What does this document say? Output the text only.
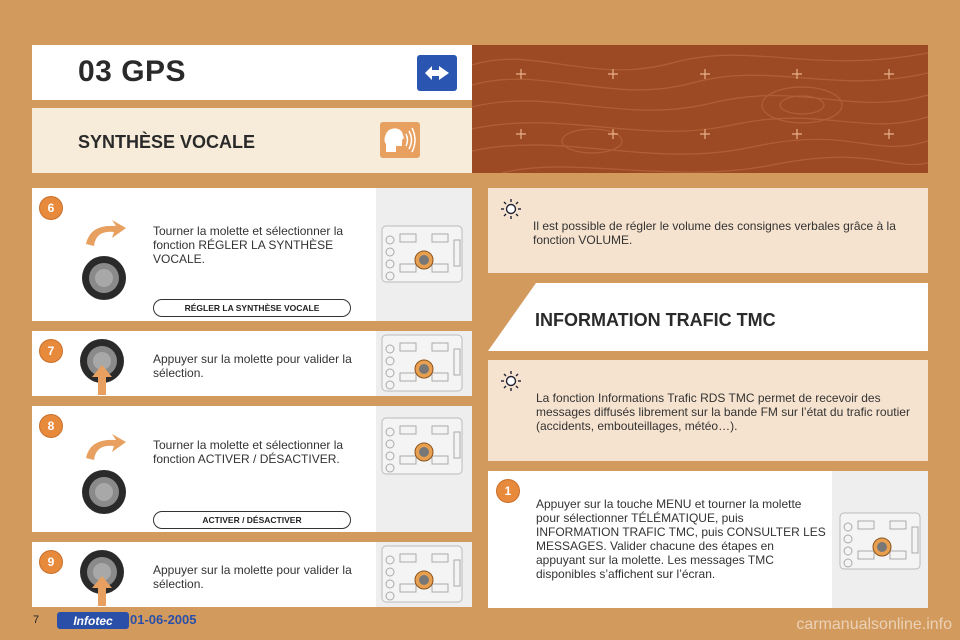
03 GPS
SYNTHÈSE VOCALE
Tourner la molette et sélectionner la fonction RÉGLER LA SYNTHÈSE VOCALE.
RÉGLER LA SYNTHÈSE VOCALE
6
Appuyer sur la molette pour valider la sélection.
7
Tourner la molette et sélectionner la fonction ACTIVER / DÉSACTIVER.
ACTIVER / DÉSACTIVER
8
Appuyer sur la molette pour valider la sélection.
9
Il est possible de régler le volume des consignes verbales grâce à la fonction VOLUME.
INFORMATION TRAFIC TMC
La fonction Informations Trafic RDS TMC permet de recevoir des messages diffusés librement sur la bande FM sur l’état du trafic routier (accidents, embouteillages, météo…).
Appuyer sur la touche MENU et tourner la molette pour sélectionner TÉLÉMATIQUE, puis INFORMATION TRAFIC TMC, puis CONSULTER LES MESSAGES. Valider chacune des étapes en appuyant sur la molette. Les messages TMC disponibles s’affichent sur l’écran.
1
7	Infotec	01-06-2005	carmanualsonline.info
